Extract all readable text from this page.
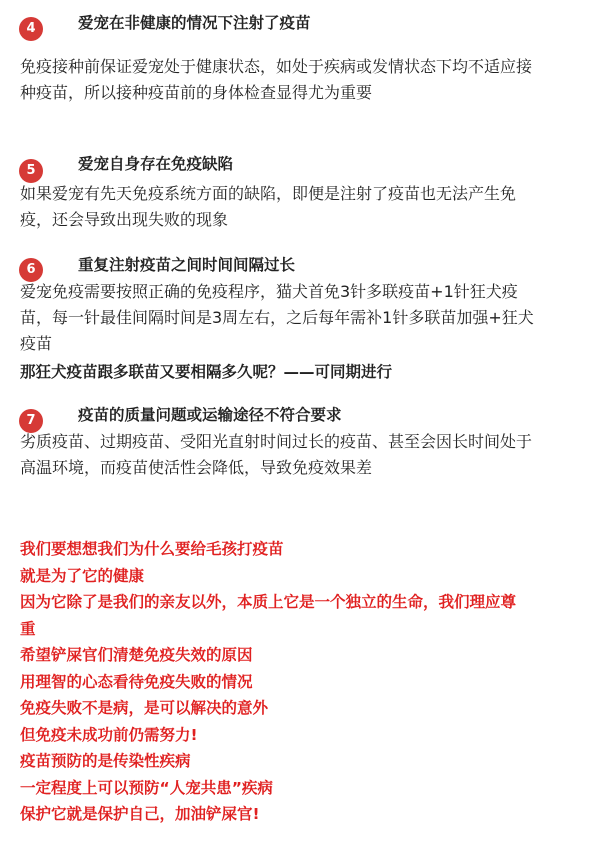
4	爱宠在非健康的情况下注射了疫苗
免疫接种前保证爱宠处于健康状态，如处于疾病或发情状态下均不适应接
种疫苗，所以接种疫苗前的身体检查显得尤为重要
5	爱宠自身存在免疫缺陷
如果爱宠有先天免疫系统方面的缺陷，即便是注射了疫苗也无法产生免
疫，还会导致出现失败的现象
6	重复注射疫苗之间时间间隔过长
爱宠免疫需要按照正确的免疫程序，猫犬首免3针多联疫苗+1针狂犬疫
苗，每一针最佳间隔时间是3周左右，之后每年需补1针多联苗加强+狂犬
疫苗
那狂犬疫苗跟多联苗又要相隔多久呢？——可同期进行
7	疫苗的质量问题或运输途径不符合要求
劣质疫苗、过期疫苗、受阳光直射时间过长的疫苗、甚至会因长时间处于
高温环境，而疫苗使活性会降低，导致免疫效果差
我们要想想我们为什么要给毛孩打疫苗
就是为了它的健康
因为它除了是我们的亲友以外，本质上它是一个独立的生命，我们理应尊
重
希望铲屎官们清楚免疫失效的原因
用理智的心态看待免疫失败的情况
免疫失败不是病，是可以解决的意外
但免疫未成功前仍需努力!
疫苗预防的是传染性疾病
一定程度上可以预防“人宠共患”疾病
保护它就是保护自己，加油铲屎官!
